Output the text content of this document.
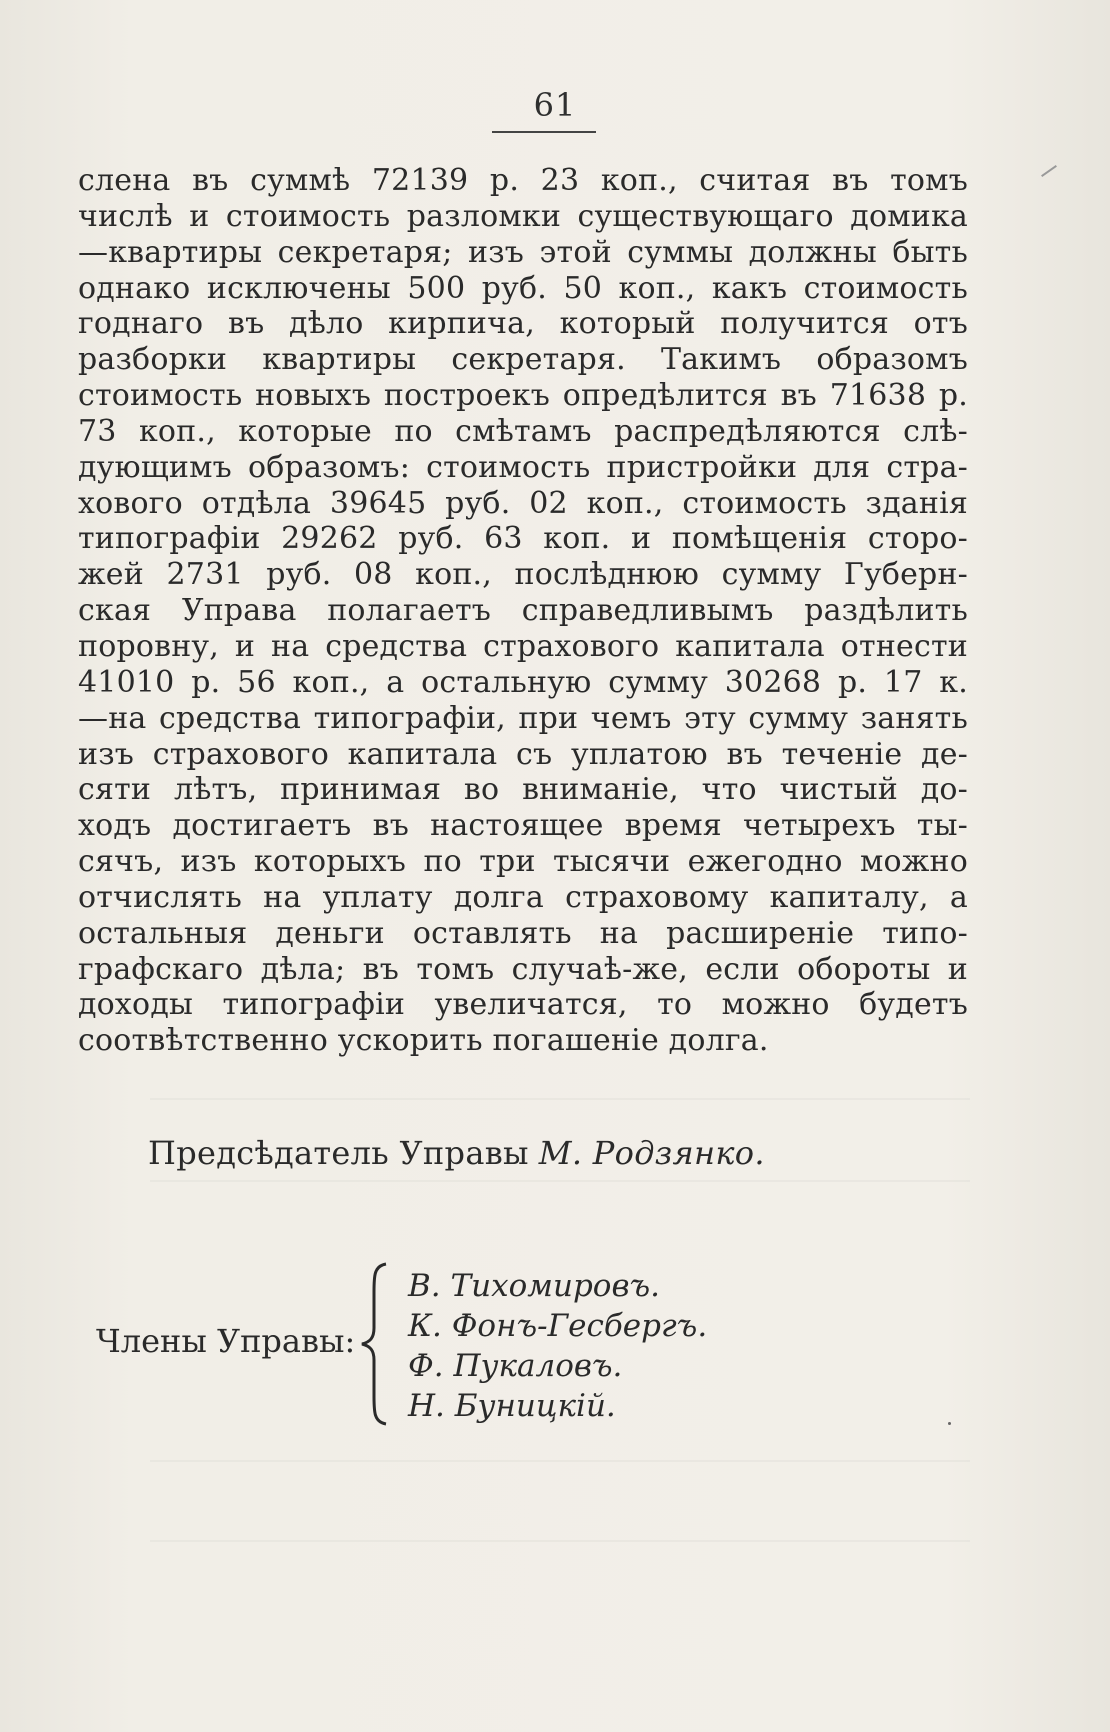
61
слена въ суммѣ 72139 р. 23 коп., считая въ томъ
числѣ и стоимость разломки существующаго домика
—квартиры секретаря; изъ этой суммы должны быть
однако исключены 500 руб. 50 коп., какъ стоимость
годнаго въ дѣло кирпича, который получится отъ
разборки квартиры секретаря. Такимъ образомъ
стоимость новыхъ построекъ опредѣлится въ 71638 р.
73 коп., которые по смѣтамъ распредѣляются слѣ-
дующимъ образомъ: стоимость пристройки для стра-
хового отдѣла 39645 руб. 02 коп., стоимость зданія
типографіи 29262 руб. 63 коп. и помѣщенія сторо-
жей 2731 руб. 08 коп., послѣднюю сумму Губерн-
ская Управа полагаетъ справедливымъ раздѣлить
поровну, и на средства страхового капитала отнести
41010 р. 56 коп., а остальную сумму 30268 р. 17 к.
—на средства типографіи, при чемъ эту сумму занять
изъ страхового капитала съ уплатою въ теченіе де-
сяти лѣтъ, принимая во вниманіе, что чистый до-
ходъ достигаетъ въ настоящее время четырехъ ты-
сячъ, изъ которыхъ по три тысячи ежегодно можно
отчислять на уплату долга страховому капиталу, а
остальныя деньги оставлять на расширеніе типо-
графскаго дѣла; въ томъ случаѣ-же, если обороты и
доходы типографіи увеличатся, то можно будетъ
соотвѣтственно ускорить погашеніе долга.
Предсѣдатель Управы М. Родзянко.
Члены Управы:
В. Тихомировъ.
К. Фонъ-Гесбергъ.
Ф. Пукаловъ.
Н. Буницкій.
